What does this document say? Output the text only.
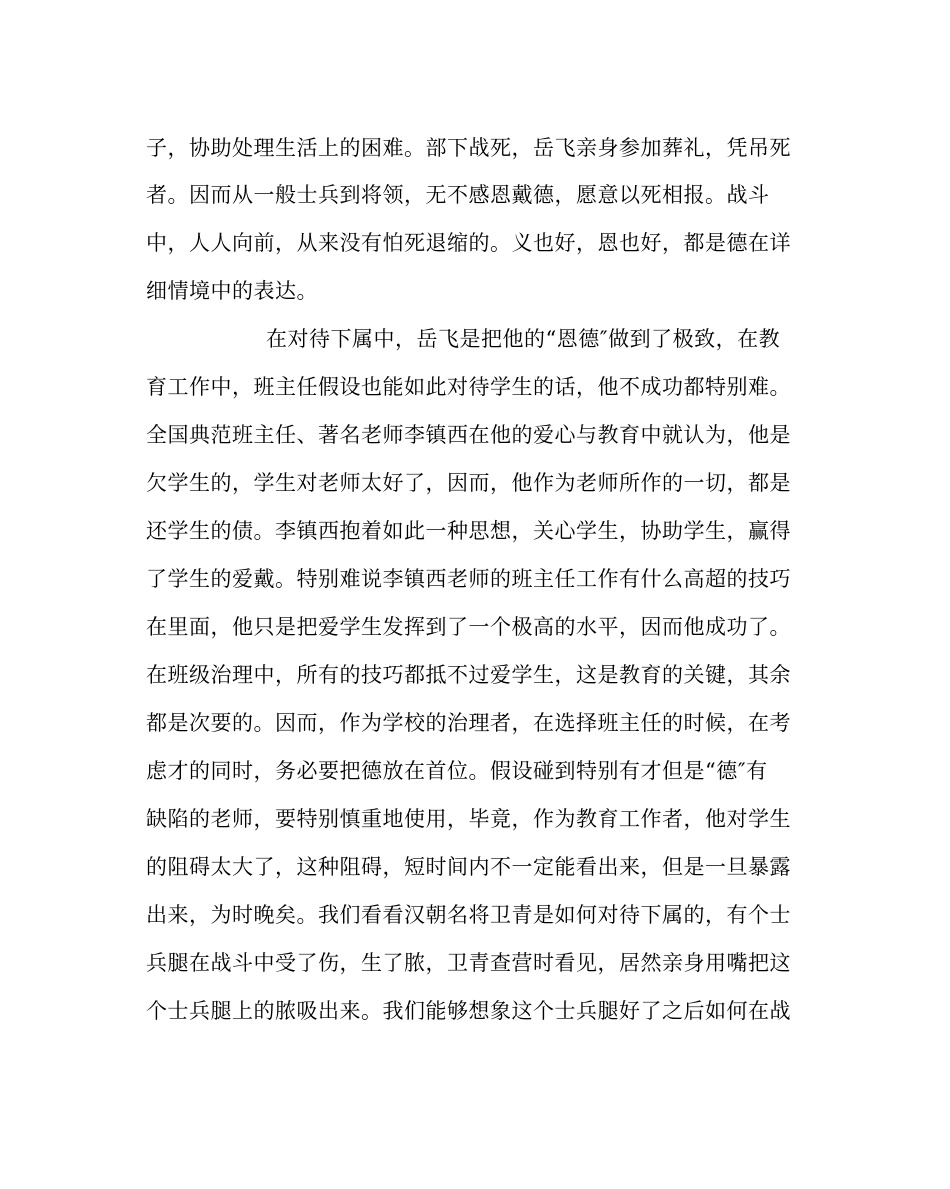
子，协助处理生活上的困难。部下战死，岳飞亲身参加葬礼，凭吊死
者。因而从一般士兵到将领，无不感恩戴德，愿意以死相报。战斗
中，人人向前，从来没有怕死退缩的。义也好，恩也好，都是德在详
细情境中的表达。
在对待下属中，岳飞是把他的“恩德″做到了极致，在教
育工作中，班主任假设也能如此对待学生的话，他不成功都特别难。
全国典范班主任、著名老师李镇西在他的爱心与教育中就认为，他是
欠学生的，学生对老师太好了，因而，他作为老师所作的一切，都是
还学生的债。李镇西抱着如此一种思想，关心学生，协助学生，赢得
了学生的爱戴。特别难说李镇西老师的班主任工作有什么高超的技巧
在里面，他只是把爱学生发挥到了一个极高的水平，因而他成功了。
在班级治理中，所有的技巧都抵不过爱学生，这是教育的关键，其余
都是次要的。因而，作为学校的治理者，在选择班主任的时候，在考
虑才的同时，务必要把德放在首位。假设碰到特别有才但是“德″有
缺陷的老师，要特别慎重地使用，毕竟，作为教育工作者，他对学生
的阻碍太大了，这种阻碍，短时间内不一定能看出来，但是一旦暴露
出来，为时晚矣。我们看看汉朝名将卫青是如何对待下属的，有个士
兵腿在战斗中受了伤，生了脓，卫青查营时看见，居然亲身用嘴把这
个士兵腿上的脓吸出来。我们能够想象这个士兵腿好了之后如何在战
